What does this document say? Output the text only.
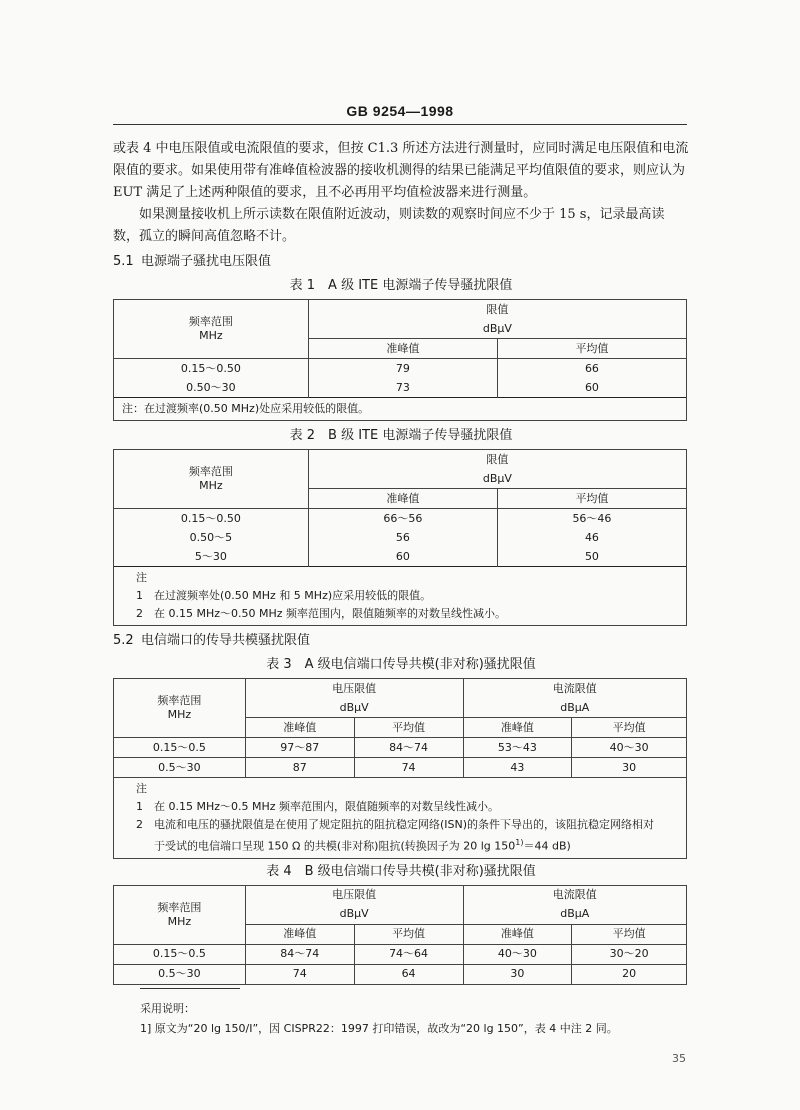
GB 9254—1998

或表 4 中电压限值或电流限值的要求，但按 C1.3 所述方法进行测量时，应同时满足电压限值和电流限值的要求。如果使用带有准峰值检波器的接收机测得的结果已能满足平均值限值的要求，则应认为 EUT 满足了上述两种限值的要求，且不必再用平均值检波器来进行测量。

如果测量接收机上所示读数在限值附近波动，则读数的观察时间应不少于 15 s，记录最高读数，孤立的瞬间高值忽略不计。

5.1 电源端子骚扰电压限值
表 1　A 级 ITE 电源端子传导骚扰限值
频率范围
MHz	限值	

	dBμV	
	准峰值	平均值
0.15～0.50	79	66
0.50～30	73	60
注：在过渡频率(0.50 MHz)处应采用较低的限值。		
表 2　B 级 ITE 电源端子传导骚扰限值
频率范围
MHz	限值	
	dBμV	
	准峰值	平均值
0.15～0.50	66～56	56～46
0.50～5	56	46
5～30	60	50

注
1 在过渡频率处(0.50 MHz 和 5 MHz)应采用较低的限值。
2 在 0.15 MHz～0.50 MHz 频率范围内，限值随频率的对数呈线性减小。		
5.2 电信端口的传导共模骚扰限值
表 3　A 级电信端口传导共模(非对称)骚扰限值
频率范围
MHz	电压限值		电流限值	
	dBμV		dBμA	
	准峰值	平均值	准峰值	平均值
0.15～0.5	97～87	84～74	53～43	40～30
0.5～30	87	74	43	30

注
1 在 0.15 MHz～0.5 MHz 频率范围内，限值随频率的对数呈线性减小。
2 电流和电压的骚扰限值是在使用了规定阻抗的阻抗稳定网络(ISN)的条件下导出的，该阻抗稳定网络相对
于受试的电信端口呈现 150 Ω 的共模(非对称)阻抗(转换因子为 20 $\lg 150^{1)}=44$ dB)				
表 4　B 级电信端口传导共模(非对称)骚扰限值
频率范围
MHz	电压限值		电流限值	
	dBμV		dBμA	
	准峰值	平均值	准峰值	平均值
0.15～0.5	84～74	74～64	40～30	30～20
0.5～30	74	64	30	20
采用说明：
1] 原文为“20 lg 150/I”，因 CISPR22：1997 打印错误，故改为“20 lg 150”，表 4 中注 2 同。
35
